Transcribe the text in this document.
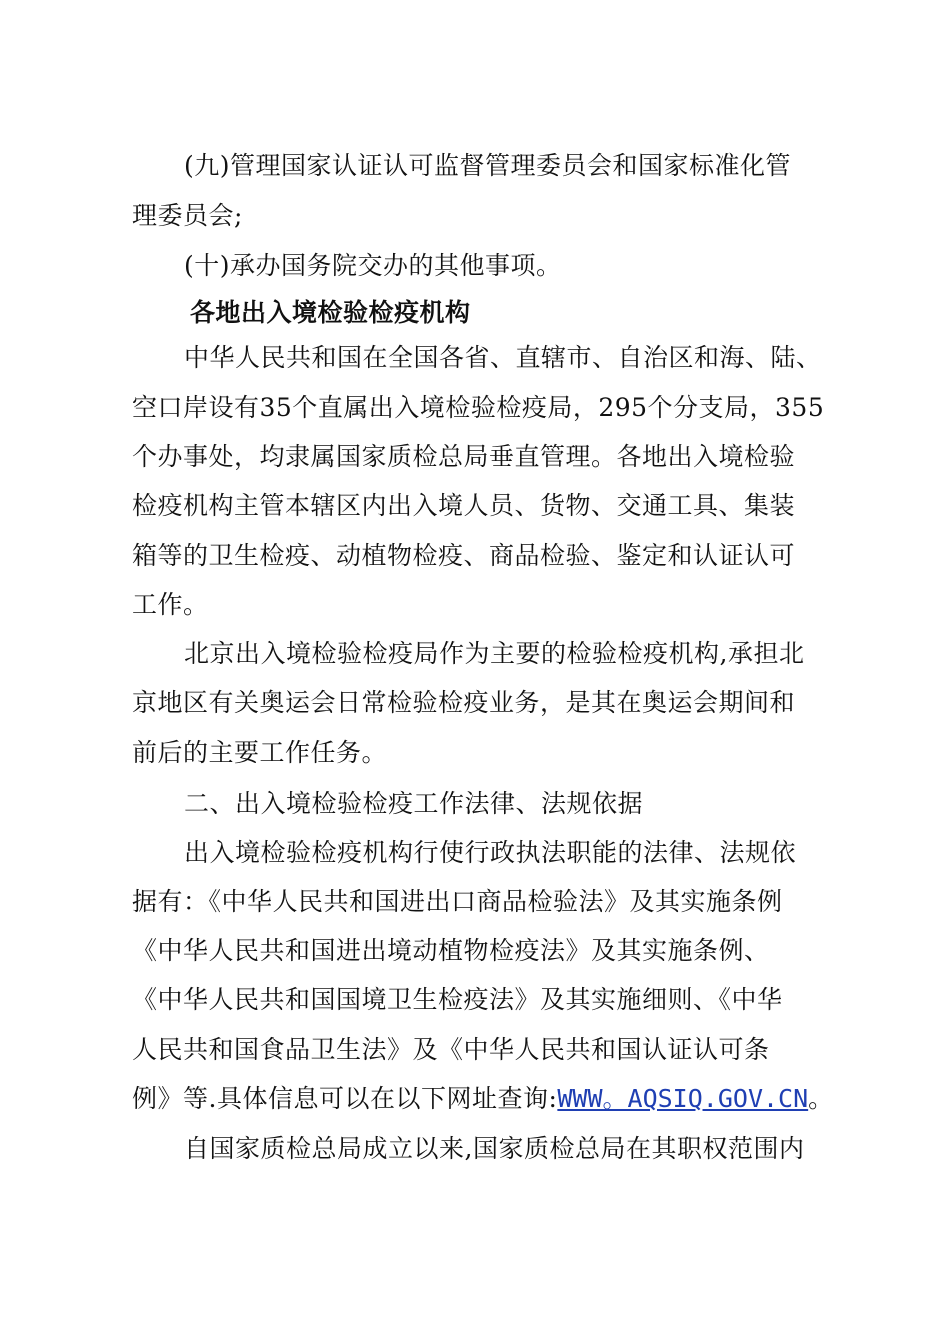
(九)管理国家认证认可监督管理委员会和国家标准化管
理委员会;
(十)承办国务院交办的其他事项。
各地出入境检验检疫机构
中华人民共和国在全国各省、直辖市、自治区和海、陆、
空口岸设有35个直属出入境检验检疫局，295个分支局，355
个办事处，均隶属国家质检总局垂直管理。各地出入境检验
检疫机构主管本辖区内出入境人员、货物、交通工具、集装
箱等的卫生检疫、动植物检疫、商品检验、鉴定和认证认可
工作。
北京出入境检验检疫局作为主要的检验检疫机构,承担北
京地区有关奥运会日常检验检疫业务，是其在奥运会期间和
前后的主要工作任务。
二、出入境检验检疫工作法律、法规依据
出入境检验检疫机构行使行政执法职能的法律、法规依
据有：《中华人民共和国进出口商品检验法》及其实施条例
《中华人民共和国进出境动植物检疫法》及其实施条例、
《中华人民共和国国境卫生检疫法》及其实施细则、《中华
人民共和国食品卫生法》及《中华人民共和国认证认可条
例》等.具体信息可以在以下网址查询:WWW。AQSIQ.GOV.CN。
自国家质检总局成立以来,国家质检总局在其职权范围内
